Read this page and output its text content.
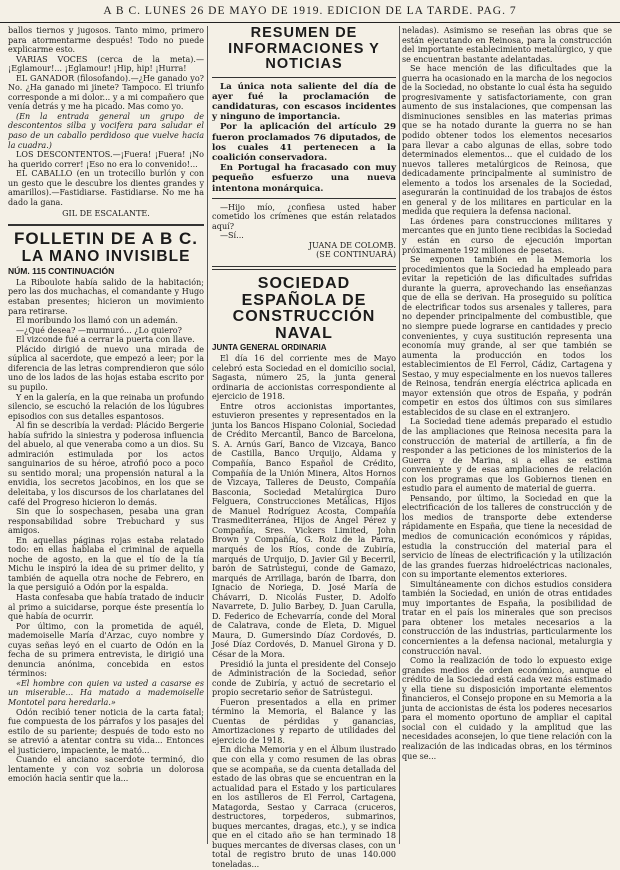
A B C. LUNES 26 DE MAYO DE 1919. EDICION DE LA TARDE. PAG. 7

ballos tiernos y jugosos. Tanto mimo, primero para atormentarme después! Todo no puede explicarme esto.

VARIAS VOCES (cerca de la meta).—¡Eglamour!... ¡Eglamour! ¡Hip, hip! ¡Hurra!

EL GANADOR (filosofando).—¿He ganado yo? No. ¿Ha ganado mi jinete? Tampoco. El triunfo corresponde a mi dolor... y a mi compañero que venía detrás y me ha picado. Mas como yo.

(En la entrada general un grupo de descontentos silba y vocifera para saludar el paso de un caballo perdidoso que vuelve hacia la cuadra.)

LOS DESCONTENTOS.—¡Fuera! ¡Fuera! ¡No ha querido correr! ¡Eso no era lo convenido!...

EL CABALLO (en un trotecillo burlón y con un gesto que le descubre los dientes grandes y amarillos).—Fastidiarse. Fastidiarse. No me ha dado la gana.

GIL DE ESCALANTE.

FOLLETIN DE A B C.
LA MANO INVISIBLE
NÚM. 115 CONTINUACIÓN

La Riboulote había salido de la habitación; pero las dos muchachas, el comandante y Hugo estaban presentes; hicieron un movimiento para retirarse.

El moribundo los llamó con un ademán.

—¿Qué desea? —murmuró... ¿Lo quiero?

El vizconde fué a cerrar la puerta con llave.

Plácido dirigió de nuevo una mirada de súplica al sacerdote, que empezó a leer; por la diferencia de las letras comprendieron que sólo uno de los lados de las hojas estaba escrito por su pupilo.

Y en la galería, en la que reinaba un profundo silencio, se escuchó la relación de los lúgubres episodios con sus detalles espantosos.

Al fin se describía la verdad: Plácido Bergerie había sufrido la siniestra y poderosa influencia del abuelo, al que veneraba como a un dios. Su admiración estimulada por los actos sanguinarios de su héroe, atrofió poco a poco su sentido moral; una propensión natural a la envidia, los secretos jacobinos, en los que se deleitaba, y los discursos de los charlatanes del café del Progreso hicieron lo demás.

Sin que lo sospechasen, pesaba una gran responsabilidad sobre Trebuchard y sus amigos.

En aquellas páginas rojas estaba relatado todo: en ellas hablaba el criminal de aquella noche de agosto, en la que el tío de la tía Michu le inspiró la idea de su primer delito, y también de aquella otra noche de Febrero, en la que persiguió a Odón por la espalda.

Hasta confesaba que había tratado de inducir al primo a suicidarse, porque éste presentía lo que había de ocurrir.

Por último, con la prometida de aquél, mademoiselle María d'Arzac, cuyo nombre y cuyas señas leyó en el cuarto de Odón en la fecha de su primera entrevista, le dirigió una denuncia anónima, concebida en estos términos:

«El hombre con quien va usted a casarse es un miserable... Ha matado a mademoiselle Montotel para heredarla.»

Odón recibió tener noticia de la carta fatal; fue compuesta de los párrafos y los pasajes del estilo de su pariente; después de todo esto no se atrevió a atentar contra su vida... Entonces el justiciero, impaciente, le mató...

Cuando el anciano sacerdote terminó, dio lentamente y con voz sobria un dolorosa emoción hacia sentir que la...

RESUMEN DE INFORMACIONES Y NOTICIAS

La única nota saliente del día de ayer fué la proclamación de candidaturas, con escasos incidentes y ninguno de importancia.

Por la aplicación del artículo 29 fueron proclamados 76 diputados, de los cuales 41 pertenecen a la coalición conservadora.

En Portugal ha fracasado con muy pequeño esfuerzo una nueva intentona monárquica.

—Hijo mío, ¿confiesa usted haber cometido los crímenes que están relatados aquí?

—Sí...

JUANA DE COLOMB.

(SE CONTINUARÁ)

SOCIEDAD ESPAÑOLA DE CONSTRUCCIÓN NAVAL
JUNTA GENERAL ORDINARIA

El día 16 del corriente mes de Mayo celebró esta Sociedad en el domicilio social, Sagasta, número 25, la junta general ordinaria de accionistas correspondiente al ejercicio de 1918.

Entre otros accionistas importantes, estuvieron presentes y representados en la junta los Bancos Hispano Colonial, Sociedad de Crédito Mercantil, Banco de Barcelona, S. A. Arnús Garí, Banco de Vizcaya, Banco de Castilla, Banco Urquijo, Aldama y Compañía, Banco Español de Crédito, Compañía de la Unión Minera, Altos Hornos de Vizcaya, Talleres de Deusto, Compañía Basconia, Sociedad Metalúrgica Duro Felguera, Construcciones Metálicas, Hijos de Manuel Rodríguez Acosta, Compañía Trasmediterránea, Hijos de Ángel Pérez y Compañía, Sres. Vickers Limited, John Brown y Compañía, G. Roiz de la Parra, marqués de los Ríos, conde de Zubiría, marqués de Urquijo, D. Javier Gil y Becerril, barón de Satrústegui, conde de Gamazo, marqués de Arrillaga, barón de Ibarra, don Ignacio de Noriega, D. José María de Chávarri, D. Nicolás Fuster, D. Adolfo Navarrete, D. Julio Barbey, D. Juan Carulla, D. Federico de Echevarría, conde del Moral de Calatrava, conde de Eleta, D. Miguel Maura, D. Gumersindo Díaz Cordovés, D. José Díaz Cordovés, D. Manuel Girona y D. César de la Mora.

Presidió la junta el presidente del Consejo de Administración de la Sociedad, señor conde de Zubiría, y actuó de secretario el propio secretario señor de Satrústegui.

Fueron presentados a ella en primer término la Memoria, el Balance y las Cuentas de pérdidas y ganancias, Amortizaciones y reparto de utilidades del ejercicio de 1918.

En dicha Memoria y en el Álbum ilustrado que con ella y como resumen de las obras que se acompaña, se da cuenta detallada del estado de las obras que se encuentran en la actualidad para el Estado y los particulares en los astilleros de El Ferrol, Cartagena, Matagorda, Sestao y Carraca (cruceros, destructores, torpederos, submarinos, buques mercantes, dragas, etc.), y se indica que en el citado año se han terminado 18 buques mercantes de diversas clases, con un total de registro bruto de unas 140.000 toneladas...

neladas). Asimismo se reseñan las obras que se están ejecutando en Reinosa, para la construcción del importante establecimiento metalúrgico, y que se encuentran bastante adelantadas.

Se hace mención de las dificultades que la guerra ha ocasionado en la marcha de los negocios de la Sociedad, no obstante lo cual ésta ha seguido progresivamente y satisfactoriamente, con gran aumento de sus instalaciones, que compensan las disminuciones sensibles en las materias primas que se ha notado durante la guerra no se han podido obtener todos los elementos necesarios para llevar a cabo algunas de ellas, sobre todo determinados elementos... que el cuidado de los nuevos talleres metalúrgicos de Reinosa, que dedicadamente principalmente al suministro de elemento a todos los arsenales de la Sociedad, asegurarán la continuidad de los trabajos de éstos en general y de los militares en particular en la medida que requiera la defensa nacional.

Las órdenes para construcciones militares y mercantes que en junto tiene recibidas la Sociedad y están en curso de ejecución importan próximamente 192 millones de pesetas.

Se exponen también en la Memoria los procedimientos que la Sociedad ha empleado para evitar la repetición de las dificultades sufridas durante la guerra, aprovechando las enseñanzas que de ella se derivan. Ha proseguido su política de electrificar todos sus arsenales y talleres, para no depender principalmente del combustible, que no siempre puede lograrse en cantidades y precio convenientes, y cuya sustitución representa una economía muy grande, al ser que también se aumenta la producción en todos los establecimientos de El Ferrol, Cádiz, Cartagena y Sestao, y muy especialmente en los nuevos talleres de Reinosa, tendrán energía eléctrica aplicada en mayor extensión que otros de España, y podrán competir en estos dos últimos con sus similares establecidos de su clase en el extranjero.

La Sociedad tiene además preparado el estudio de las ampliaciones que Reinosa necesita para la construcción de material de artillería, a fin de responder a las peticiones de los ministerios de la Guerra y de Marina, si a ellas se estima conveniente y de esas ampliaciones de relación con los programas que los Gobiernos tienen en estudio para el aumento de material de guerra.

Pensando, por último, la Sociedad en que la electrificación de los talleres de construcción y de los medios de transporte debe extenderse rápidamente en España, que tiene la necesidad de medios de comunicación económicos y rápidas, estudia la construcción del material para el servicio de líneas de electrificación y la utilización de las grandes fuerzas hidroeléctricas nacionales, con su importante elementos exteriores.

Simultáneamente con dichos estudios considera también la Sociedad, en unión de otras entidades muy importantes de España, la posibilidad de tratar en el país los minerales que son precisos para obtener los metales necesarios a la construcción de las industrias, particularmente los concernientes a la defensa nacional, metalurgia y construcción naval.

Como la realización de todo lo expuesto exige grandes medios de orden económico, aunque el crédito de la Sociedad está cada vez más estimado y ella tiene su disposición importante elementos financieros, el Consejo propone en su Memoria a la junta de accionistas de ésta los poderes necesarios para el momento oportuno de ampliar el capital social con el cuidado y la amplitud que las necesidades aconsejen, lo que tiene relación con la realización de las indicadas obras, en los términos que se...
